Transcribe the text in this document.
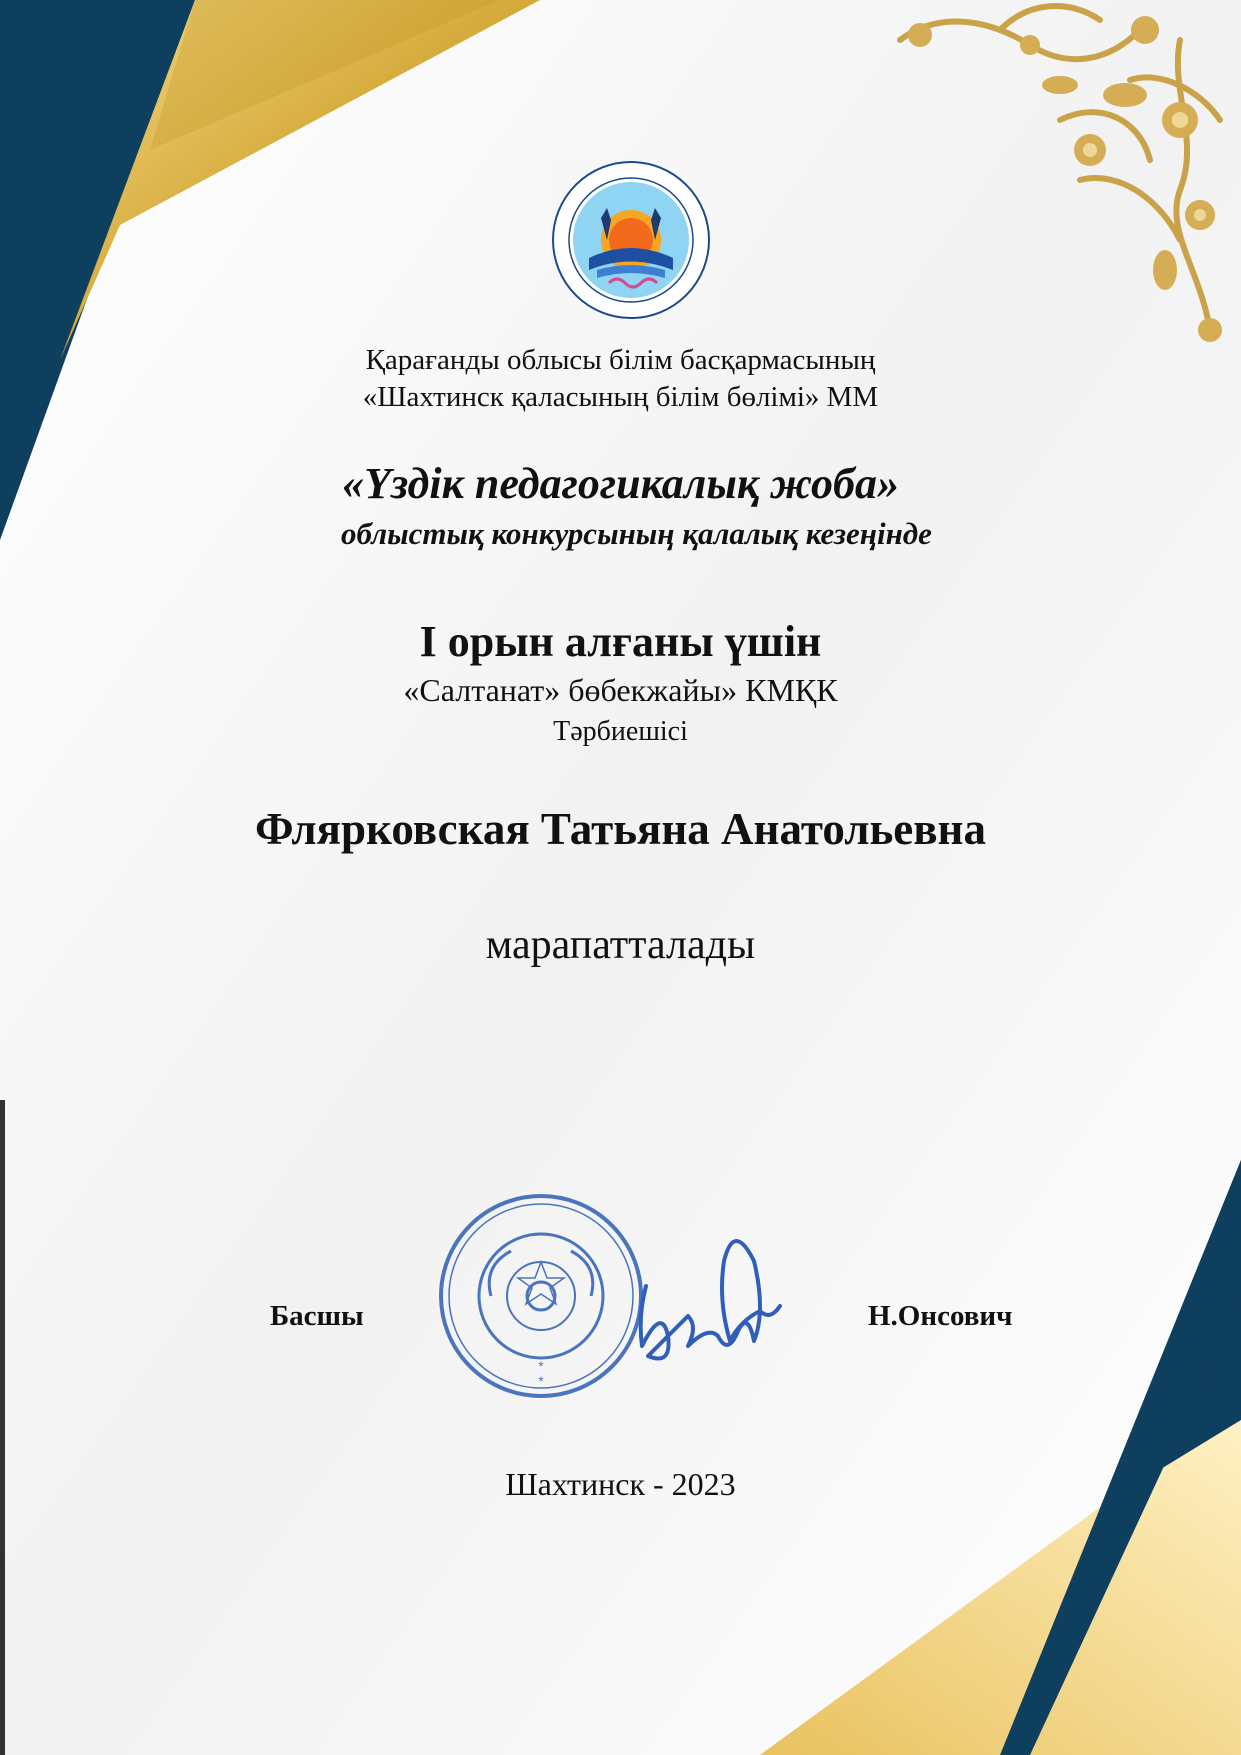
Қарағанды облысы білім басқармасының
«Шахтинск қаласының білім бөлімі» ММ
«Үздік педагогикалық жоба»
облыстық конкурсының қалалық кезеңінде
I орын алғаны үшін
«Салтанат» бөбекжайы» КМҚК
Тәрбиешісі
Флярковская Татьяна Анатольевна
марапатталады
Басшы
*
*
Н.Онсович
Шахтинск - 2023
